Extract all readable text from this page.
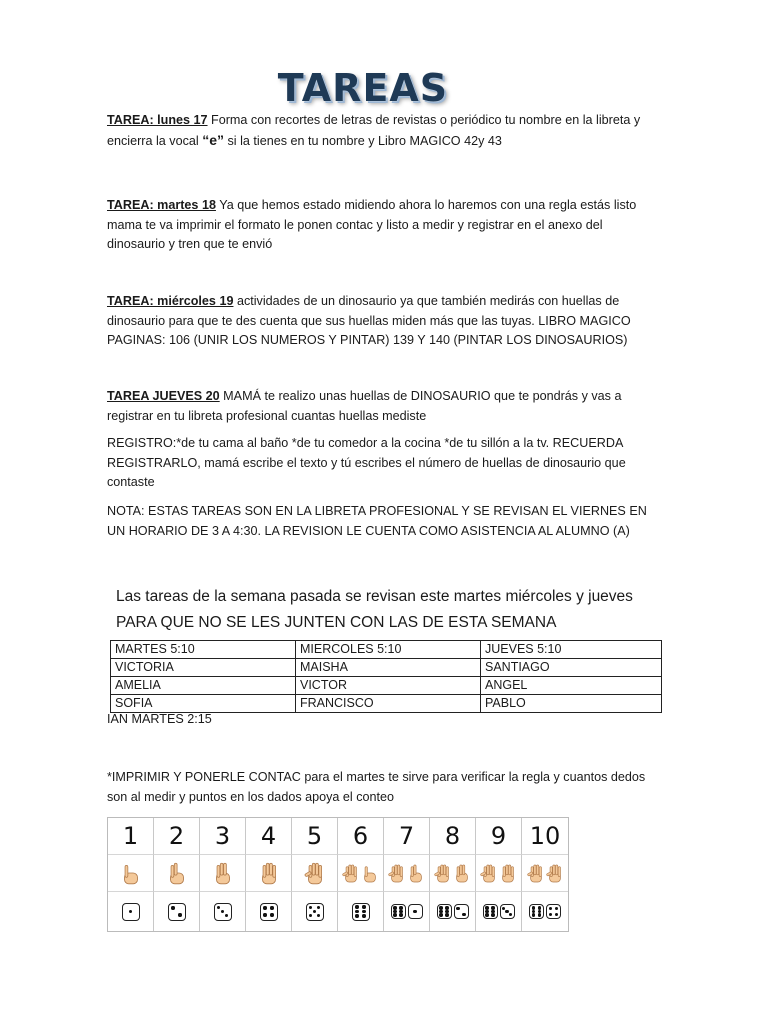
TAREAS

TAREA: lunes 17 Forma con recortes de letras de revistas o periódico tu nombre en la libreta y encierra la vocal “e” si la tienes en tu nombre y Libro MAGICO 42y 43

TAREA: martes 18 Ya que hemos estado midiendo ahora lo haremos con una regla estás listo mama te va imprimir el formato le ponen contac y listo a medir y registrar en el anexo del dinosaurio y tren que te envió

TAREA: miércoles 19 actividades de un dinosaurio ya que también medirás con huellas de dinosaurio para que te des cuenta que sus huellas miden más que las tuyas. LIBRO MAGICO PAGINAS: 106 (UNIR LOS NUMEROS Y PINTAR) 139 Y 140 (PINTAR LOS DINOSAURIOS)

TAREA JUEVES 20 MAMÁ te realizo unas huellas de DINOSAURIO que te pondrás y vas a registrar en tu libreta profesional cuantas huellas mediste

REGISTRO:*de tu cama al baño *de tu comedor a la cocina *de tu sillón a la tv. RECUERDA REGISTRARLO, mamá escribe el texto y tú escribes el número de huellas de dinosaurio que contaste

NOTA: ESTAS TAREAS SON EN LA LIBRETA PROFESIONAL Y SE REVISAN EL VIERNES EN UN HORARIO DE 3 A 4:30. LA REVISION LE CUENTA COMO ASISTENCIA AL ALUMNO (A)

Las tareas de la semana pasada se revisan este martes miércoles y jueves
PARA QUE NO SE LES JUNTEN CON LAS DE ESTA SEMANA
MARTES 5:10	MIERCOLES 5:10	JUEVES 5:10
VICTORIA	MAISHA	SANTIAGO
AMELIA	VICTOR	ANGEL
SOFIA	FRANCISCO	PABLO
IAN MARTES 2:15

*IMPRIMIR Y PONERLE CONTAC para el martes te sirve para verificar la regla y cuantos dedos son al medir y puntos en los dados apoya el conteo

1	2	3	4	5	6	7	8	9 10
